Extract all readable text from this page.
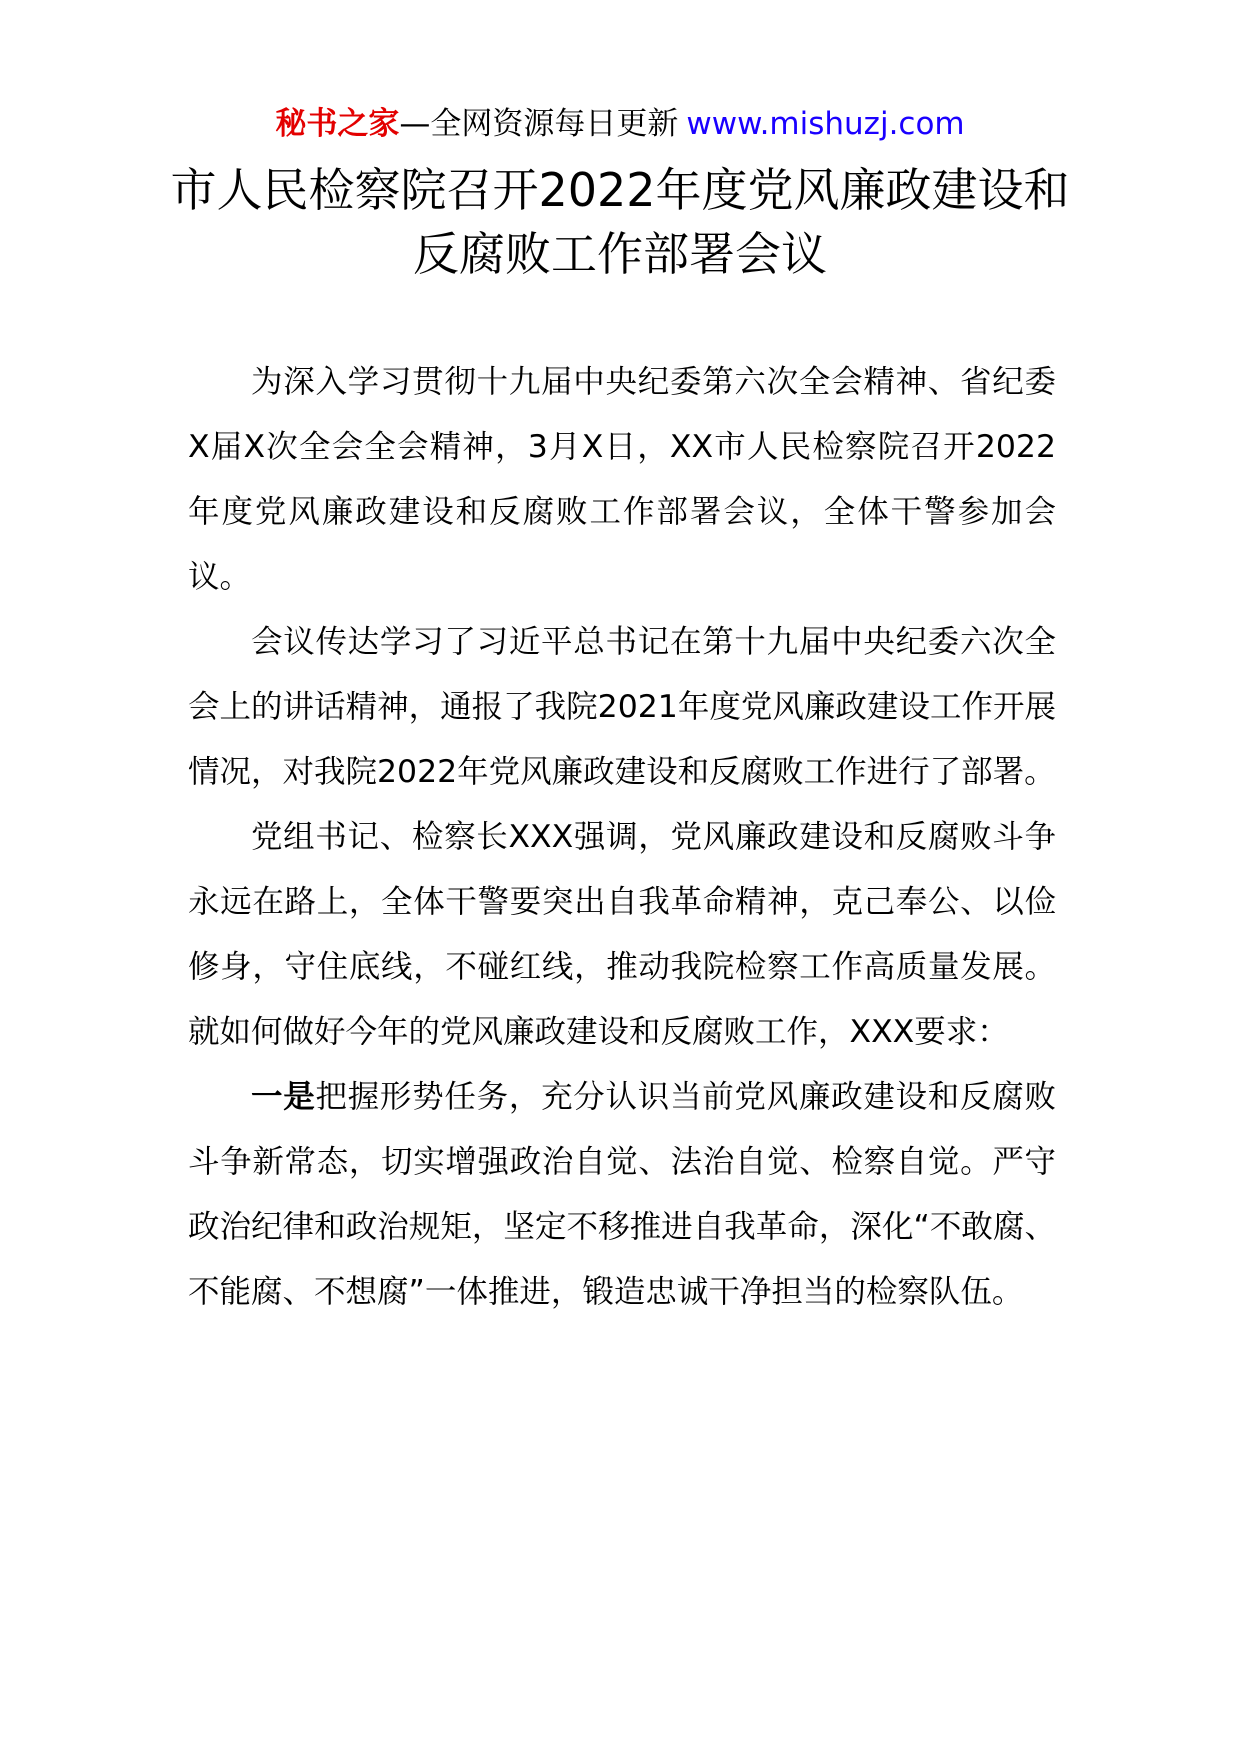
秘书之家—全网资源每日更新 www.mishuzj.com
市人民检察院召开2022年度党风廉政建设和反腐败工作部署会议

为深入学习贯彻十九届中央纪委第六次全会精神、省纪委X届X次全会全会精神，3月X日，XX市人民检察院召开2022年度党风廉政建设和反腐败工作部署会议，全体干警参加会议。

会议传达学习了习近平总书记在第十九届中央纪委六次全会上的讲话精神，通报了我院2021年度党风廉政建设工作开展情况，对我院2022年党风廉政建设和反腐败工作进行了部署。

党组书记、检察长XXX强调，党风廉政建设和反腐败斗争永远在路上，全体干警要突出自我革命精神，克己奉公、以俭修身，守住底线，不碰红线，推动我院检察工作高质量发展。就如何做好今年的党风廉政建设和反腐败工作，XXX要求：

一是把握形势任务，充分认识当前党风廉政建设和反腐败斗争新常态，切实增强政治自觉、法治自觉、检察自觉。严守政治纪律和政治规矩，坚定不移推进自我革命，深化“不敢腐、不能腐、不想腐”一体推进，锻造忠诚干净担当的检察队伍。
